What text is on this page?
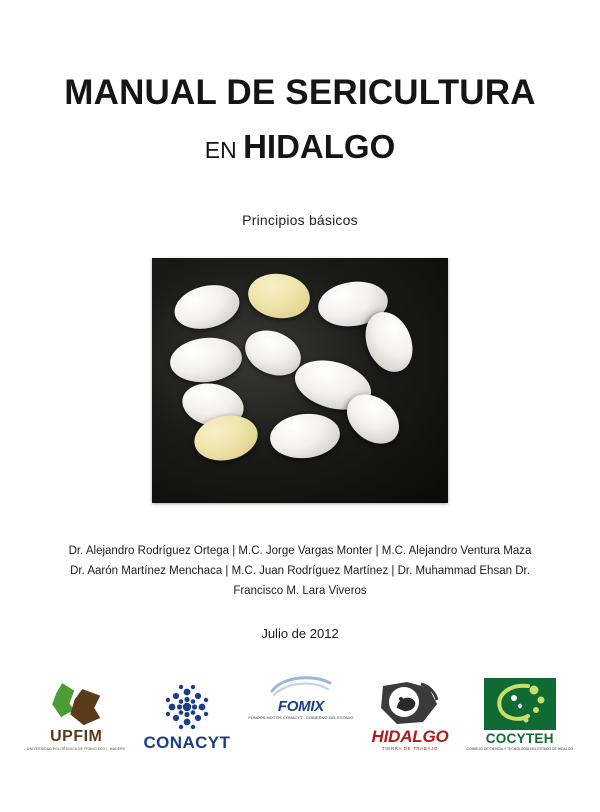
MANUAL DE SERICULTURA
EN HIDALGO
Principios básicos
Dr. Alejandro Rodríguez Ortega | M.C. Jorge Vargas Monter | M.C. Alejandro Ventura Maza
Dr. Aarón Martínez Menchaca | M.C. Juan Rodríguez Martínez | Dr. Muhammad Ehsan Dr.
Francisco M. Lara Viveros
Julio de 2012
UPFIM
UNIVERSIDAD POLITÉCNICA DE FRANCISCO I. MADERO CONACYT
FOMIX
FONDOS MIXTOS CONACYT - GOBIERNO DEL ESTADO
HIDALGO
TIERRA DE TRABAJO
COCYTEH
CONSEJO DE CIENCIA Y TECNOLOGÍA DEL ESTADO DE HIDALGO
